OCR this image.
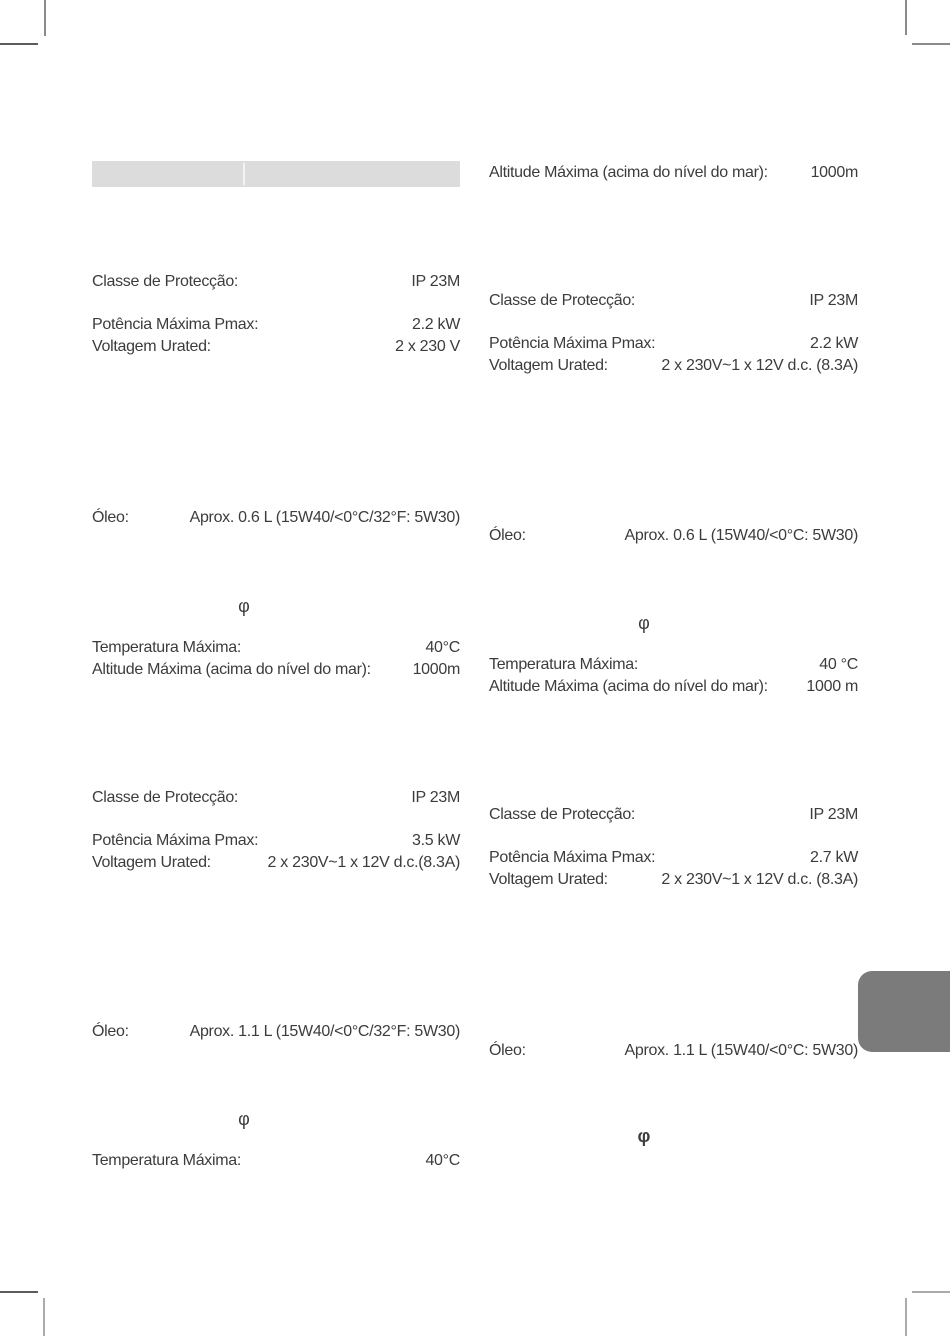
Classe de Protecção:	IP 23M
Potência Máxima Pmax:	2.2 kW
Voltagem Urated:	2 x 230 V
Óleo:	Aprox. 0.6 L (15W40/<0°C/32°F: 5W30)
φ
Temperatura Máxima:	40°C
Altitude Máxima (acima do nível do mar):	1000m
Classe de Protecção:	IP 23M
Potência Máxima Pmax:	3.5 kW
Voltagem Urated:	2 x 230V~1 x 12V d.c.(8.3A)
Óleo:	Aprox. 1.1 L (15W40/<0°C/32°F: 5W30)
φ
Temperatura Máxima:	40°C
Altitude Máxima (acima do nível do mar):	1000m
Classe de Protecção:	IP 23M
Potência Máxima Pmax:	2.2 kW
Voltagem Urated:	2 x 230V~1 x 12V d.c. (8.3A)
Óleo:	Aprox. 0.6 L (15W40/<0°C: 5W30)
φ
Temperatura Máxima:	40 °C
Altitude Máxima (acima do nível do mar): 1000 m
Classe de Protecção:	IP 23M
Potência Máxima Pmax:	2.7 kW
Voltagem Urated:	2 x 230V~1 x 12V d.c. (8.3A)
Óleo:	Aprox. 1.1 L (15W40/<0°C: 5W30)
φ
